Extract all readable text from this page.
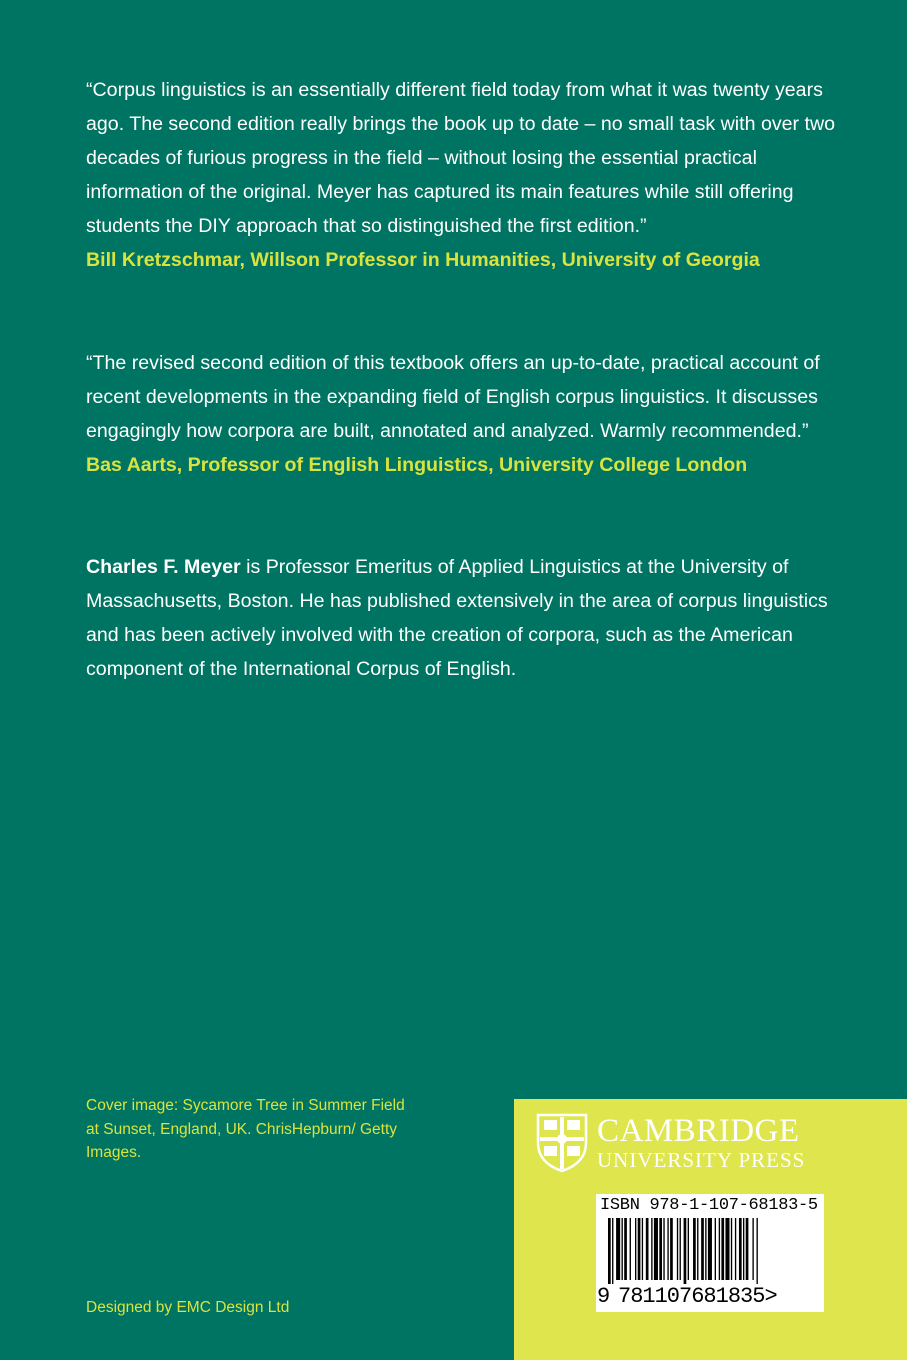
“Corpus linguistics is an essentially different field today from what it was twenty years ago. The second edition really brings the book up to date – no small task with over two decades of furious progress in the field – without losing the essential practical information of the original. Meyer has captured its main features while still offering students the DIY approach that so distinguished the first edition.”

Bill Kretzschmar, Willson Professor in Humanities, University of Georgia

“The revised second edition of this textbook offers an up-to-date, practical account of recent developments in the expanding field of English corpus linguistics. It discusses engagingly how corpora are built, annotated and analyzed. Warmly recommended.”

Bas Aarts, Professor of English Linguistics, University College London

Charles F. Meyer is Professor Emeritus of Applied Linguistics at the University of Massachusetts, Boston. He has published extensively in the area of corpus linguistics and has been actively involved with the creation of corpora, such as the American component of the International Corpus of English.

Cover image: Sycamore Tree in Summer Field at Sunset, England, UK. ChrisHepburn/ Getty Images.

Designed by EMC Design Ltd

CAMBRIDGE
UNIVERSITY PRESS
ISBN 978-1-107-68183-5
9 781107681835>
